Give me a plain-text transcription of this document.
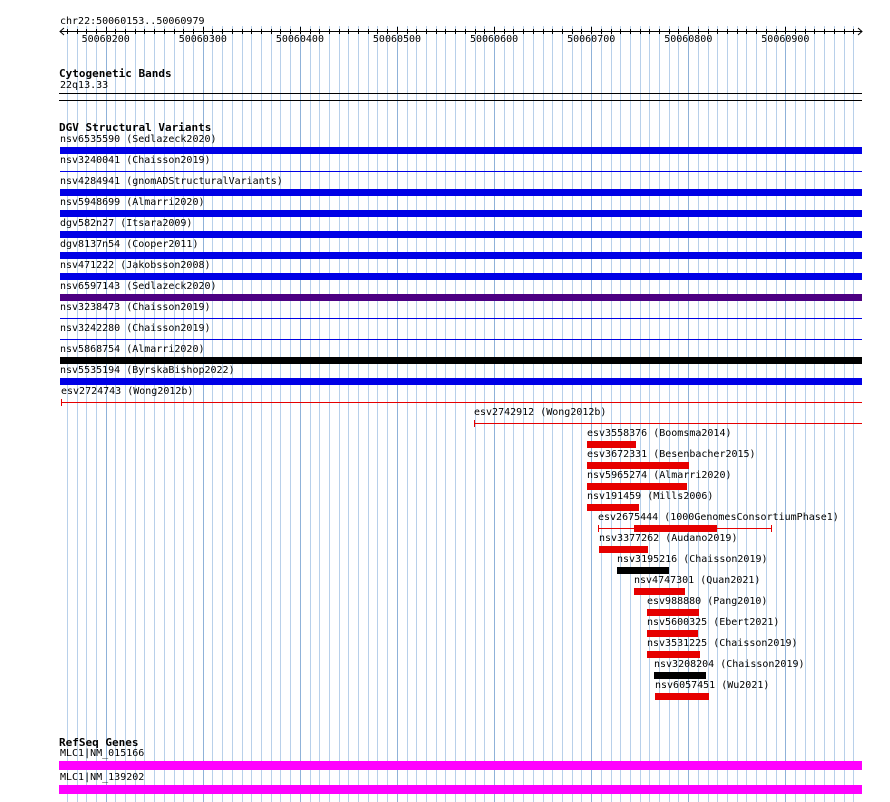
chr22:50060153..50060979
Cytogenetic Bands
22q13.33
DGV Structural Variants
nsv6535590 (Sedlazeck2020)
nsv3240041 (Chaisson2019)
nsv4284941 (gnomADStructuralVariants)
nsv5948699 (Almarri2020)
dgv582n27 (Itsara2009)
dgv8137n54 (Cooper2011)
nsv471222 (Jakobsson2008)
nsv6597143 (Sedlazeck2020)
nsv3238473 (Chaisson2019)
nsv3242280 (Chaisson2019)
nsv5868754 (Almarri2020)
nsv5535194 (ByrskaBishop2022)
esv2724743 (Wong2012b)
esv2742912 (Wong2012b)
esv3558376 (Boomsma2014)
esv3672331 (Besenbacher2015)
nsv5965274 (Almarri2020)
nsv191459 (Mills2006)
esv2675444 (1000GenomesConsortiumPhase1)
nsv3377262 (Audano2019)
nsv3195216 (Chaisson2019)
nsv4747301 (Quan2021)
esv988880 (Pang2010)
nsv5600325 (Ebert2021)
nsv3531225 (Chaisson2019)
nsv3208204 (Chaisson2019)
nsv6057451 (Wu2021)
RefSeq Genes
MLC1|NM_015166
MLC1|NM_139202
50060200	50060300	50060400	50060500	50060600	50060700	50060800	50060900
